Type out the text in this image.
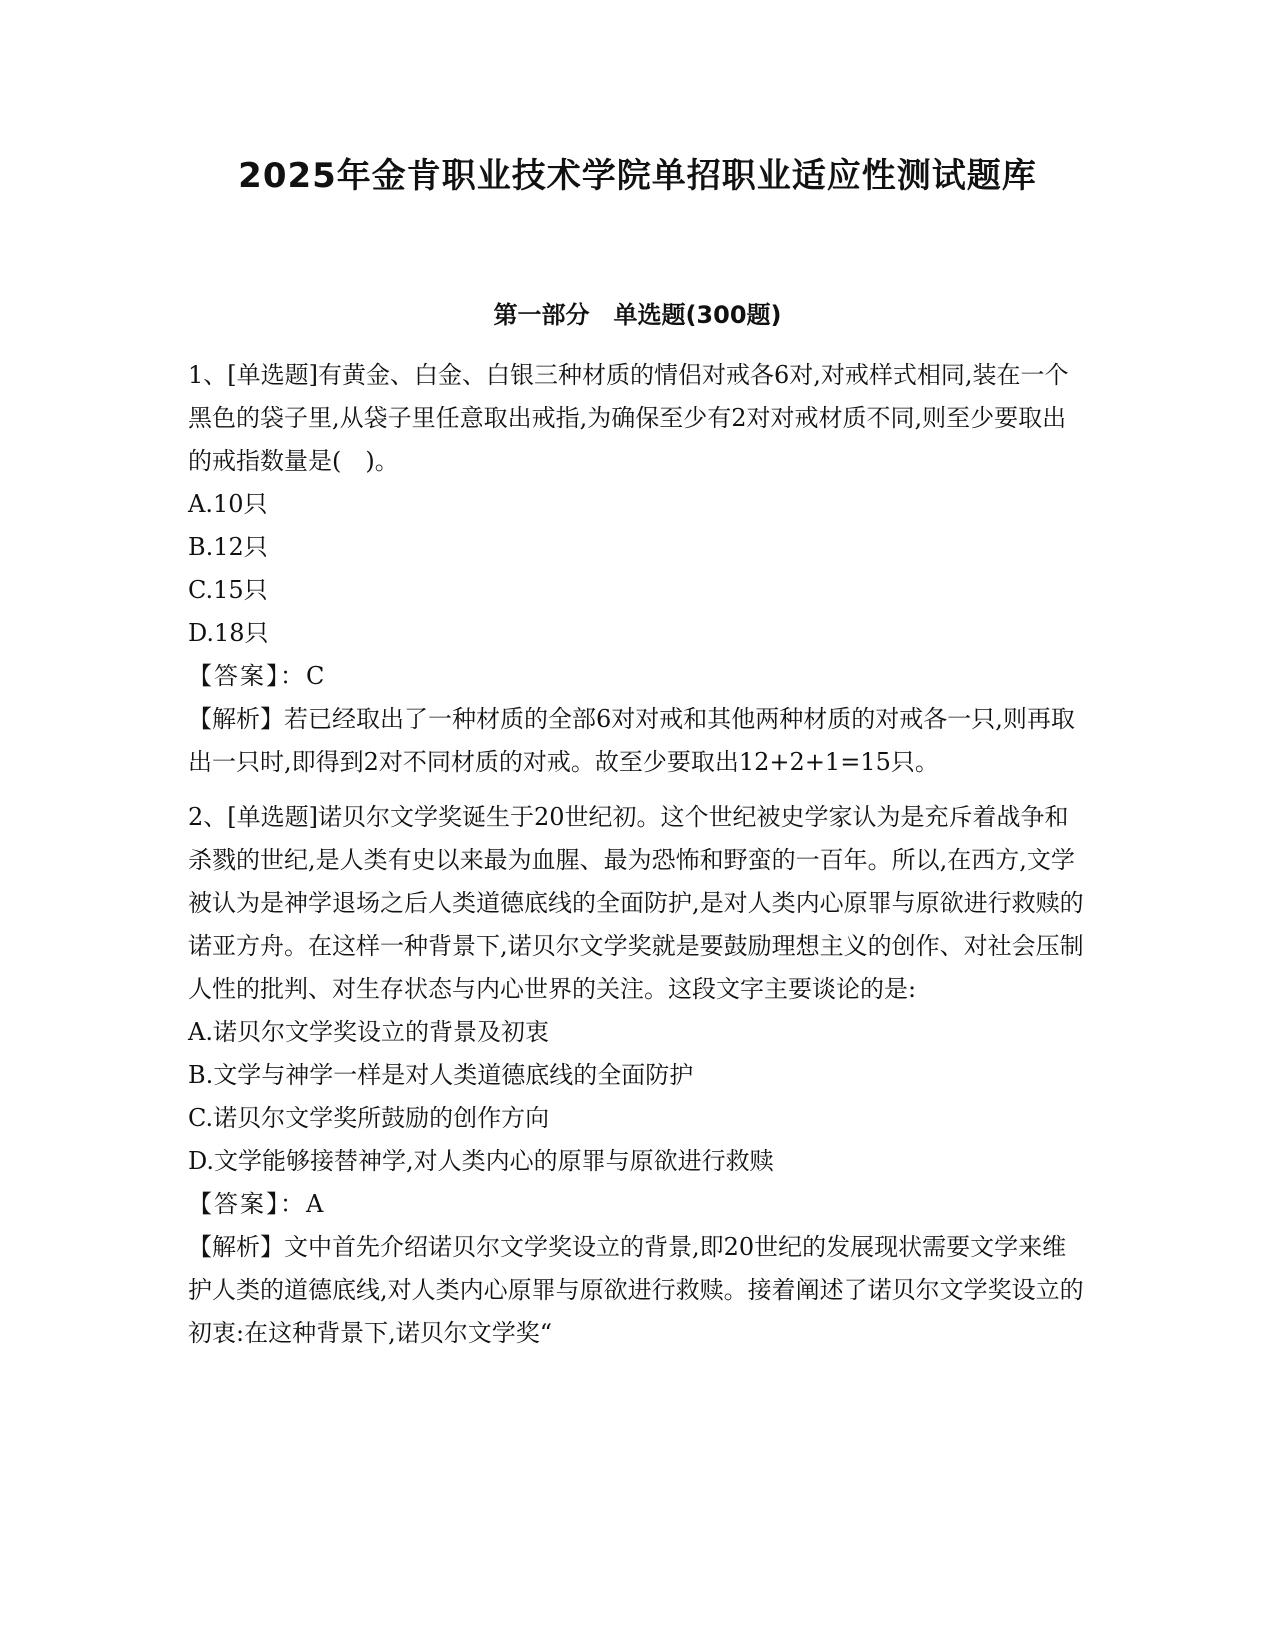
2025年金肯职业技术学院单招职业适应性测试题库
第一部分　单选题(300题)

1、[单选题]有黄金、白金、白银三种材质的情侣对戒各6对,对戒样式相同,装在一个黑色的袋子里,从袋子里任意取出戒指,为确保至少有2对对戒材质不同,则至少要取出的戒指数量是(　)。

A.10只

B.12只

C.15只

D.18只

【答案】：C

【解析】若已经取出了一种材质的全部6对对戒和其他两种材质的对戒各一只,则再取出一只时,即得到2对不同材质的对戒。故至少要取出12+2+1=15只。

2、[单选题]诺贝尔文学奖诞生于20世纪初。这个世纪被史学家认为是充斥着战争和杀戮的世纪,是人类有史以来最为血腥、最为恐怖和野蛮的一百年。所以,在西方,文学被认为是神学退场之后人类道德底线的全面防护,是对人类内心原罪与原欲进行救赎的诺亚方舟。在这样一种背景下,诺贝尔文学奖就是要鼓励理想主义的创作、对社会压制人性的批判、对生存状态与内心世界的关注。这段文字主要谈论的是:

A.诺贝尔文学奖设立的背景及初衷

B.文学与神学一样是对人类道德底线的全面防护

C.诺贝尔文学奖所鼓励的创作方向

D.文学能够接替神学,对人类内心的原罪与原欲进行救赎

【答案】：A

【解析】文中首先介绍诺贝尔文学奖设立的背景,即20世纪的发展现状需要文学来维护人类的道德底线,对人类内心原罪与原欲进行救赎。接着阐述了诺贝尔文学奖设立的初衷:在这种背景下,诺贝尔文学奖“
